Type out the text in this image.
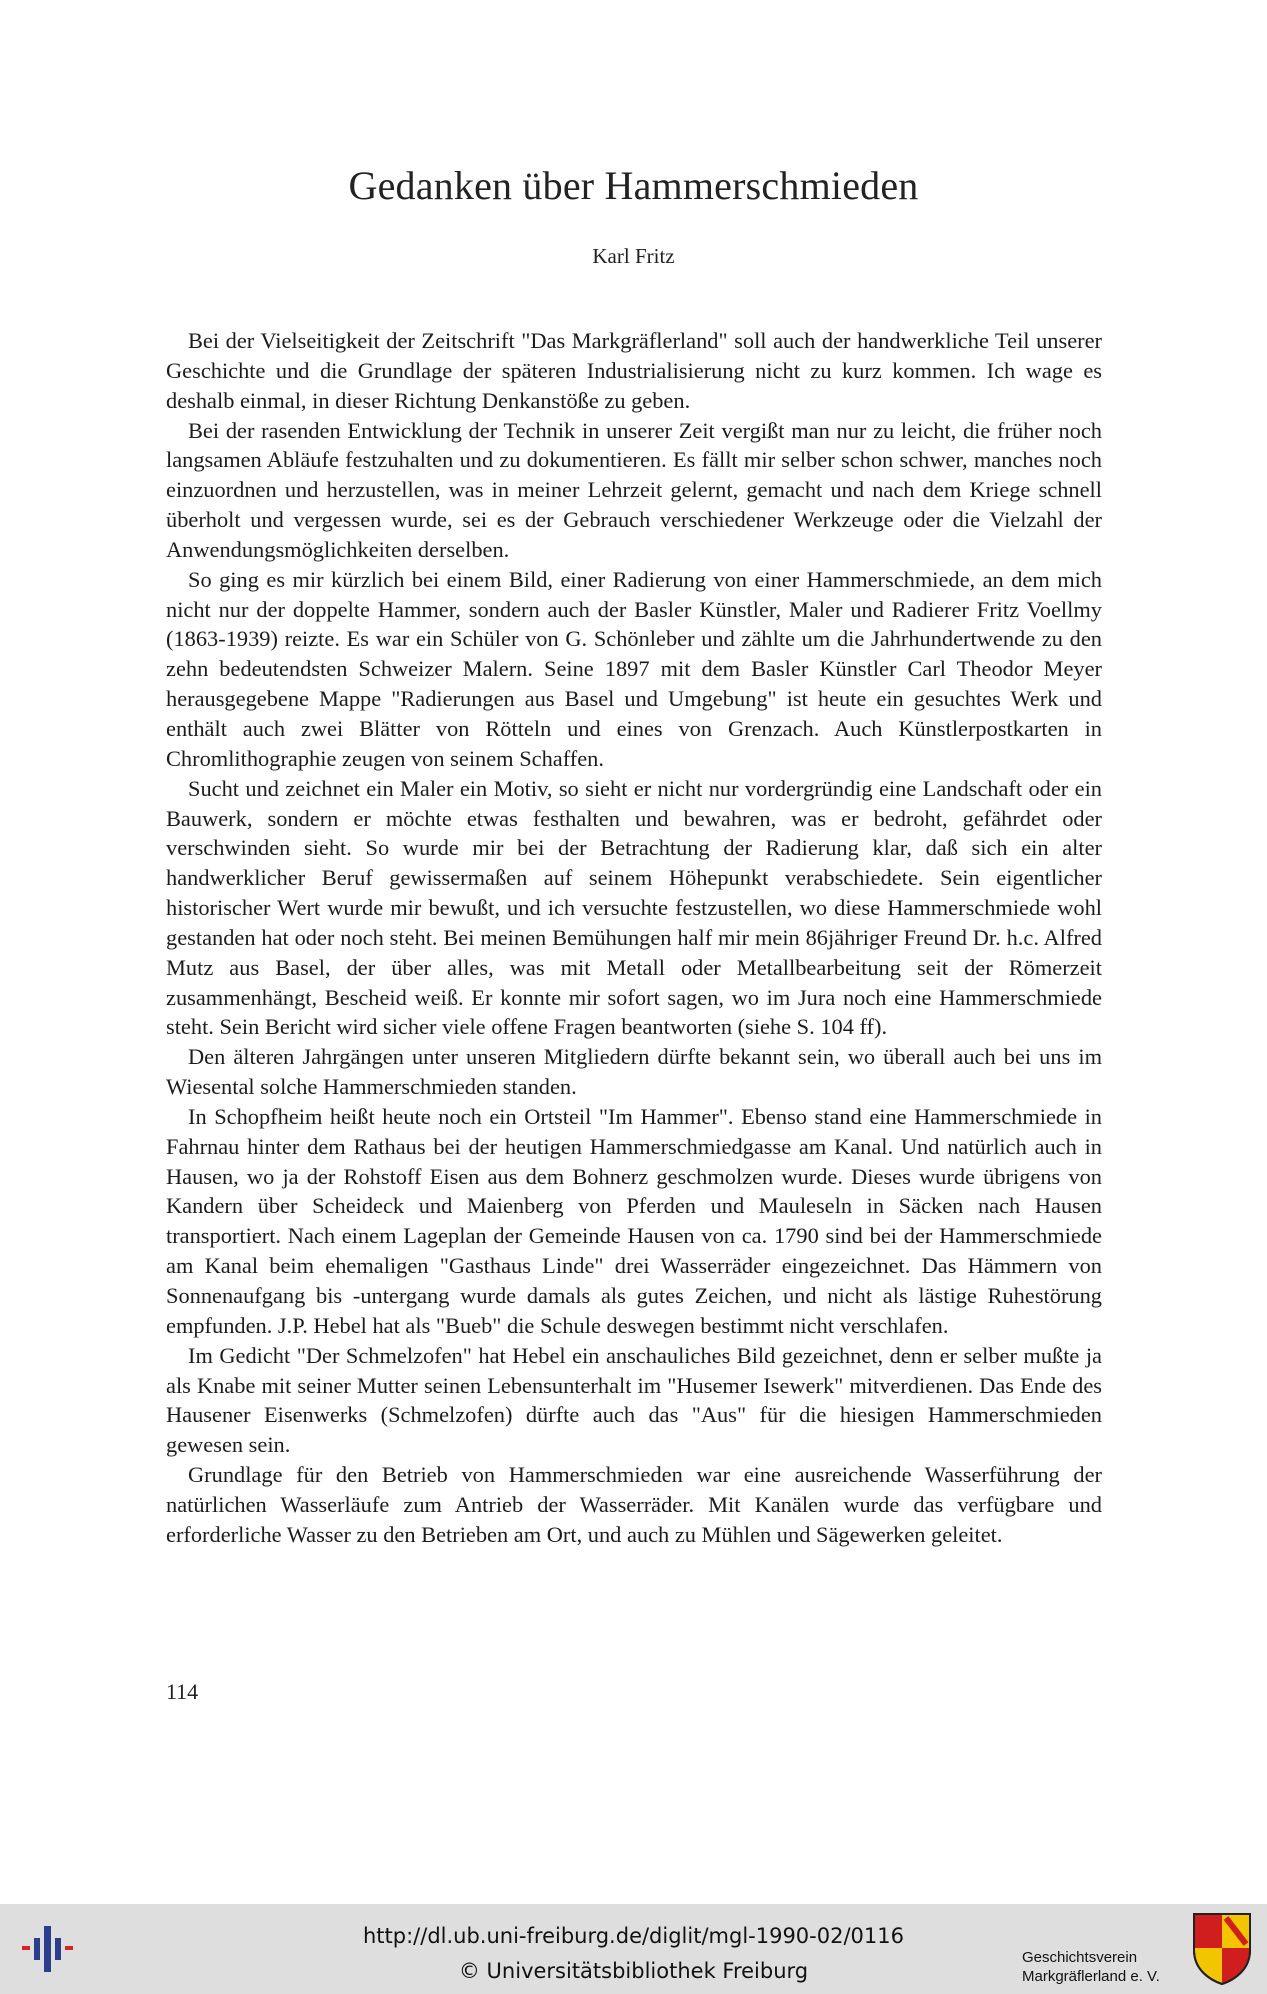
Gedanken über Hammerschmieden
Karl Fritz

Bei der Vielseitigkeit der Zeitschrift "Das Markgräflerland" soll auch der handwerkliche Teil unserer Geschichte und die Grundlage der späteren Industrialisierung nicht zu kurz kommen. Ich wage es deshalb einmal, in dieser Richtung Denkanstöße zu geben.

Bei der rasenden Entwicklung der Technik in unserer Zeit vergißt man nur zu leicht, die früher noch langsamen Abläufe festzuhalten und zu dokumentieren. Es fällt mir selber schon schwer, manches noch einzuordnen und herzustellen, was in meiner Lehrzeit gelernt, gemacht und nach dem Kriege schnell überholt und vergessen wurde, sei es der Gebrauch verschiedener Werkzeuge oder die Vielzahl der Anwendungsmöglichkeiten derselben.

So ging es mir kürzlich bei einem Bild, einer Radierung von einer Hammerschmiede, an dem mich nicht nur der doppelte Hammer, sondern auch der Basler Künstler, Maler und Radierer Fritz Voellmy (1863-1939) reizte. Es war ein Schüler von G. Schönleber und zählte um die Jahrhundertwende zu den zehn bedeutendsten Schweizer Malern. Seine 1897 mit dem Basler Künstler Carl Theodor Meyer herausgegebene Mappe "Radierungen aus Basel und Umgebung" ist heute ein gesuchtes Werk und enthält auch zwei Blätter von Rötteln und eines von Grenzach. Auch Künstlerpostkarten in Chromlithographie zeugen von seinem Schaffen.

Sucht und zeichnet ein Maler ein Motiv, so sieht er nicht nur vordergründig eine Landschaft oder ein Bauwerk, sondern er möchte etwas festhalten und bewahren, was er bedroht, gefährdet oder verschwinden sieht. So wurde mir bei der Betrachtung der Radierung klar, daß sich ein alter handwerklicher Beruf gewissermaßen auf seinem Höhepunkt verabschiedete. Sein eigentlicher historischer Wert wurde mir bewußt, und ich versuchte festzustellen, wo diese Hammerschmiede wohl gestanden hat oder noch steht. Bei meinen Bemühungen half mir mein 86jähriger Freund Dr. h.c. Alfred Mutz aus Basel, der über alles, was mit Metall oder Metallbearbeitung seit der Römerzeit zusammenhängt, Bescheid weiß. Er konnte mir sofort sagen, wo im Jura noch eine Hammerschmiede steht. Sein Bericht wird sicher viele offene Fragen beantworten (siehe S. 104 ff).

Den älteren Jahrgängen unter unseren Mitgliedern dürfte bekannt sein, wo überall auch bei uns im Wiesental solche Hammerschmieden standen.

In Schopfheim heißt heute noch ein Ortsteil "Im Hammer". Ebenso stand eine Hammerschmiede in Fahrnau hinter dem Rathaus bei der heutigen Hammerschmiedgasse am Kanal. Und natürlich auch in Hausen, wo ja der Rohstoff Eisen aus dem Bohnerz geschmolzen wurde. Dieses wurde übrigens von Kandern über Scheideck und Maienberg von Pferden und Mauleseln in Säcken nach Hausen transportiert. Nach einem Lageplan der Gemeinde Hausen von ca. 1790 sind bei der Hammerschmiede am Kanal beim ehemaligen "Gasthaus Linde" drei Wasserräder eingezeichnet. Das Hämmern von Sonnenaufgang bis -untergang wurde damals als gutes Zeichen, und nicht als lästige Ruhestörung empfunden. J.P. Hebel hat als "Bueb" die Schule deswegen bestimmt nicht verschlafen.

Im Gedicht "Der Schmelzofen" hat Hebel ein anschauliches Bild gezeichnet, denn er selber mußte ja als Knabe mit seiner Mutter seinen Lebensunterhalt im "Husemer Isewerk" mitverdienen. Das Ende des Hausener Eisenwerks (Schmelzofen) dürfte auch das "Aus" für die hiesigen Hammerschmieden gewesen sein.

Grundlage für den Betrieb von Hammerschmieden war eine ausreichende Wasserführung der natürlichen Wasserläufe zum Antrieb der Wasserräder. Mit Kanälen wurde das verfügbare und erforderliche Wasser zu den Betrieben am Ort, und auch zu Mühlen und Sägewerken geleitet.

114
http://dl.ub.uni-freiburg.de/diglit/mgl-1990-02/0116
© Universitätsbibliothek Freiburg
Geschichtsverein
Markgräflerland e. V.
